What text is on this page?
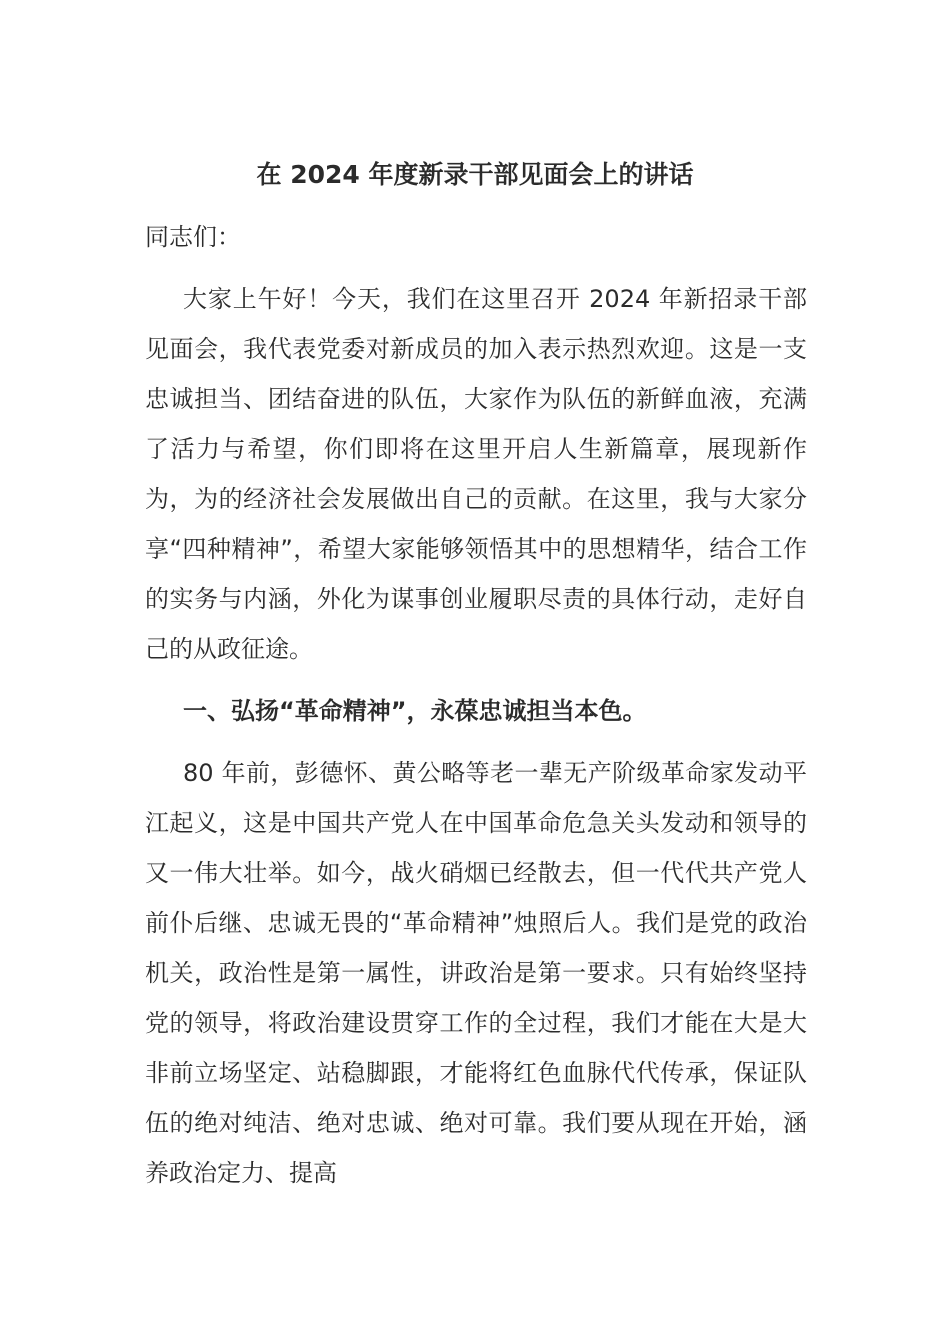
在 2024 年度新录干部见面会上的讲话

同志们：

大家上午好！今天，我们在这里召开 2024 年新招录干部见面会，我代表党委对新成员的加入表示热烈欢迎。这是一支忠诚担当、团结奋进的队伍，大家作为队伍的新鲜血液，充满了活力与希望，你们即将在这里开启人生新篇章，展现新作为，为的经济社会发展做出自己的贡献。在这里，我与大家分享“四种精神”，希望大家能够领悟其中的思想精华，结合工作的实务与内涵，外化为谋事创业履职尽责的具体行动，走好自己的从政征途。

一、弘扬“革命精神”，永葆忠诚担当本色。

80 年前，彭德怀、黄公略等老一辈无产阶级革命家发动平江起义，这是中国共产党人在中国革命危急关头发动和领导的又一伟大壮举。如今，战火硝烟已经散去，但一代代共产党人前仆后继、忠诚无畏的“革命精神”烛照后人。我们是党的政治机关，政治性是第一属性，讲政治是第一要求。只有始终坚持党的领导，将政治建设贯穿工作的全过程，我们才能在大是大非前立场坚定、站稳脚跟，才能将红色血脉代代传承，保证队伍的绝对纯洁、绝对忠诚、绝对可靠。我们要从现在开始，涵养政治定力、提高
